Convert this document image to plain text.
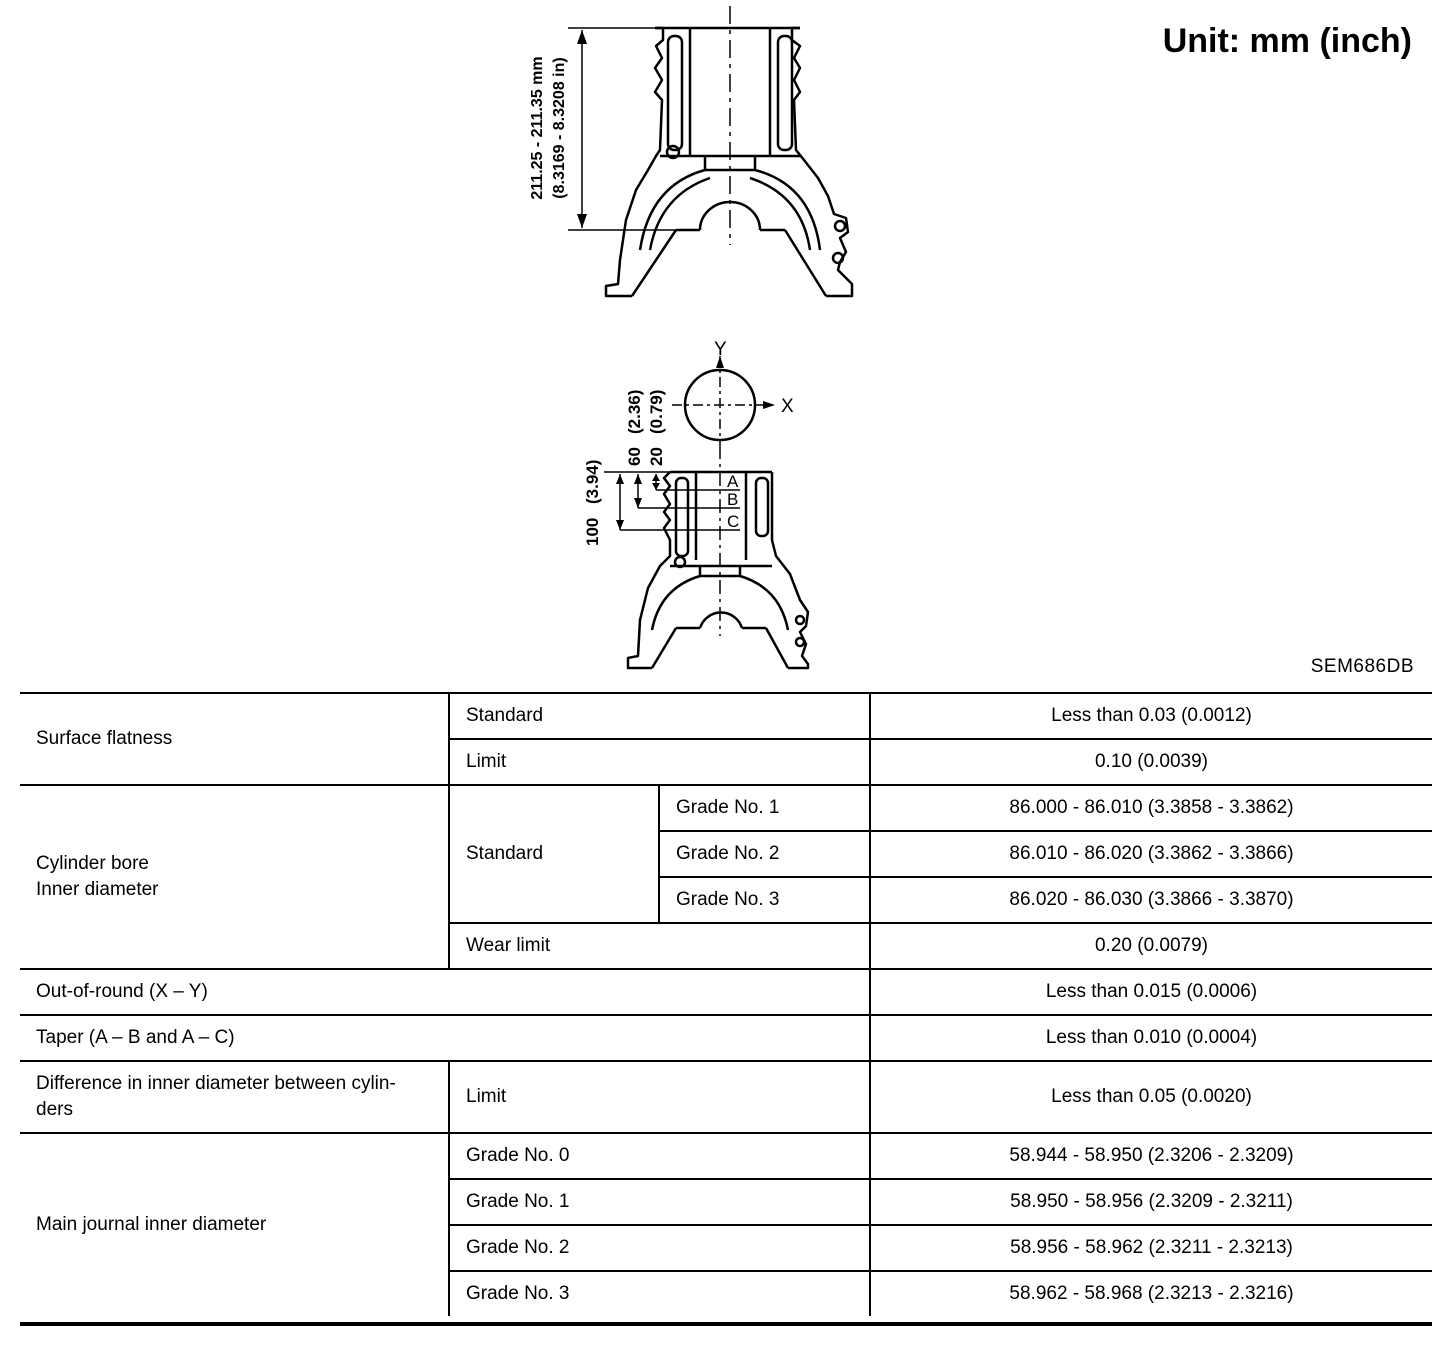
Unit: mm (inch)
211.25 - 211.35 mm (8.3169 - 8.3208 in)
Y
X
A
B
C
60
(2.36)
20
(0.79)
100
(3.94)
SEM686DB
Surface flatness	Standard		Less than 0.03 (0.0012)
	Limit		0.10 (0.0039)

Cylinder bore
Inner diameter	Standard	Grade No. 1	86.000 - 86.010 (3.3858 - 3.3862)
		Grade No. 2	86.010 - 86.020 (3.3862 - 3.3866)
		Grade No. 3	86.020 - 86.030 (3.3866 - 3.3870)
	Wear limit		0.20 (0.0079)
Out-of-round (X – Y)			Less than 0.015 (0.0006)
Taper (A – B and A – C)			Less than 0.010 (0.0004)

Difference in inner diameter between cylin-
ders	Limit		Less than 0.05 (0.0020)
Main journal inner diameter	Grade No. 0		58.944 - 58.950 (2.3206 - 2.3209)
	Grade No. 1		58.950 - 58.956 (2.3209 - 2.3211)
	Grade No. 2		58.956 - 58.962 (2.3211 - 2.3213)
	Grade No. 3		58.962 - 58.968 (2.3213 - 2.3216)
